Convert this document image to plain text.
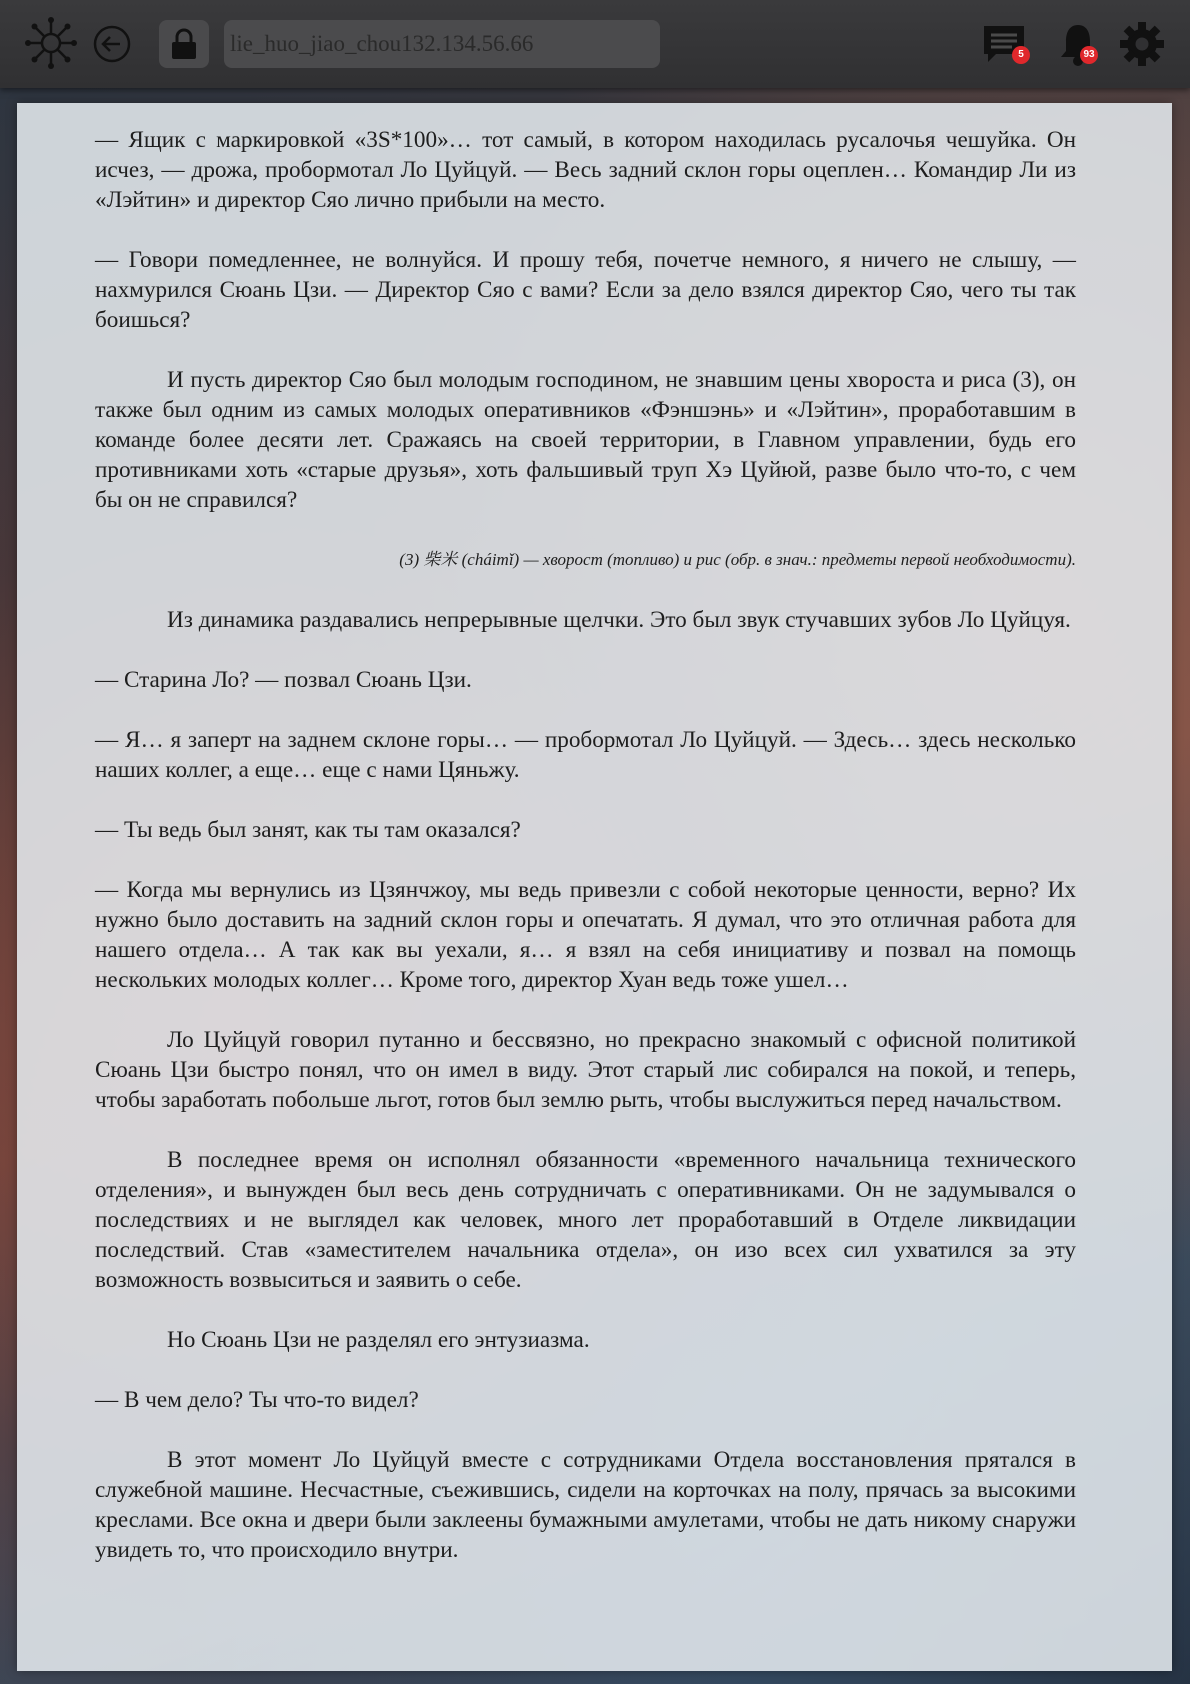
lie_huo_jiao_chou132.134.56.66	5	93

— Ящик с маркировкой «3S*100»… тот самый, в котором находилась русалочья чешуйка. Он исчез, — дрожа, пробормотал Ло Цуйцуй. — Весь задний склон горы оцеплен… Командир Ли из «Лэйтин» и директор Сяо лично прибыли на место.

— Говори помедленнее, не волнуйся. И прошу тебя, почетче немного, я ничего не слышу, — нахмурился Сюань Цзи. — Директор Сяо с вами? Если за дело взялся директор Сяо, чего ты так боишься?

И пусть директор Сяо был молодым господином, не знавшим цены хвороста и риса (3), он также был одним из самых молодых оперативников «Фэншэнь» и «Лэйтин», проработавшим в команде более десяти лет. Сражаясь на своей территории, в Главном управлении, будь его противниками хоть «старые друзья», хоть фальшивый труп Хэ Цуйюй, разве было что-то, с чем бы он не справился?

(3) 柴米 (cháimǐ) — хворост (топливо) и рис (обр. в знач.: предметы первой необходимости).

Из динамика раздавались непрерывные щелчки. Это был звук стучавших зубов Ло Цуйцуя.

— Старина Ло? — позвал Сюань Цзи.

— Я… я заперт на заднем склоне горы… — пробормотал Ло Цуйцуй. — Здесь… здесь несколько наших коллег, а еще… еще с нами Цяньжу.

— Ты ведь был занят, как ты там оказался?

— Когда мы вернулись из Цзянчжоу, мы ведь привезли с собой некоторые ценности, верно? Их нужно было доставить на задний склон горы и опечатать. Я думал, что это отличная работа для нашего отдела… А так как вы уехали, я… я взял на себя инициативу и позвал на помощь нескольких молодых коллег… Кроме того, директор Хуан ведь тоже ушел…

Ло Цуйцуй говорил путанно и бессвязно, но прекрасно знакомый с офисной политикой Сюань Цзи быстро понял, что он имел в виду. Этот старый лис собирался на покой, и теперь, чтобы заработать побольше льгот, готов был землю рыть, чтобы выслужиться перед начальством.

В последнее время он исполнял обязанности «временного начальница технического отделения», и вынужден был весь день сотрудничать с оперативниками. Он не задумывался о последствиях и не выглядел как человек, много лет проработавший в Отделе ликвидации последствий. Став «заместителем начальника отдела», он изо всех сил ухватился за эту возможность возвыситься и заявить о себе.

Но Сюань Цзи не разделял его энтузиазма.

— В чем дело? Ты что-то видел?

В этот момент Ло Цуйцуй вместе с сотрудниками Отдела восстановления прятался в служебной машине. Несчастные, съежившись, сидели на корточках на полу, прячась за высокими креслами. Все окна и двери были заклеены бумажными амулетами, чтобы не дать никому снаружи увидеть то, что происходило внутри.
